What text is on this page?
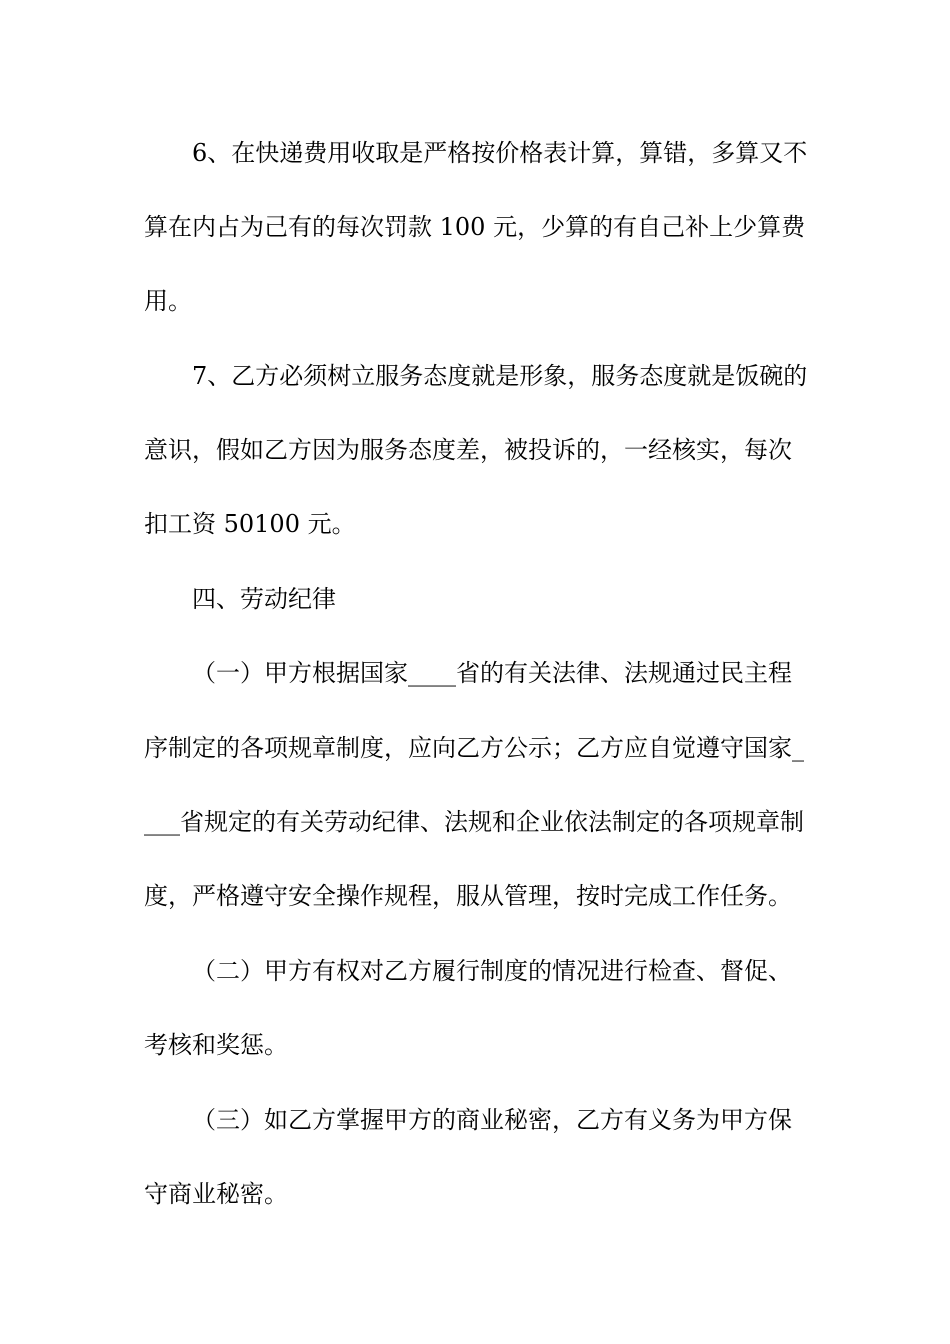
6、在快递费用收取是严格按价格表计算，算错，多算又不
算在内占为己有的每次罚款 100 元，少算的有自己补上少算费
用。
7、乙方必须树立服务态度就是形象，服务态度就是饭碗的
意识，假如乙方因为服务态度差，被投诉的，一经核实，每次
扣工资 50100 元。
四、劳动纪律
（一）甲方根据国家____省的有关法律、法规通过民主程
序制定的各项规章制度，应向乙方公示；乙方应自觉遵守国家_
___省规定的有关劳动纪律、法规和企业依法制定的各项规章制
度，严格遵守安全操作规程，服从管理，按时完成工作任务。
（二）甲方有权对乙方履行制度的情况进行检查、督促、
考核和奖惩。
（三）如乙方掌握甲方的商业秘密，乙方有义务为甲方保
守商业秘密。
